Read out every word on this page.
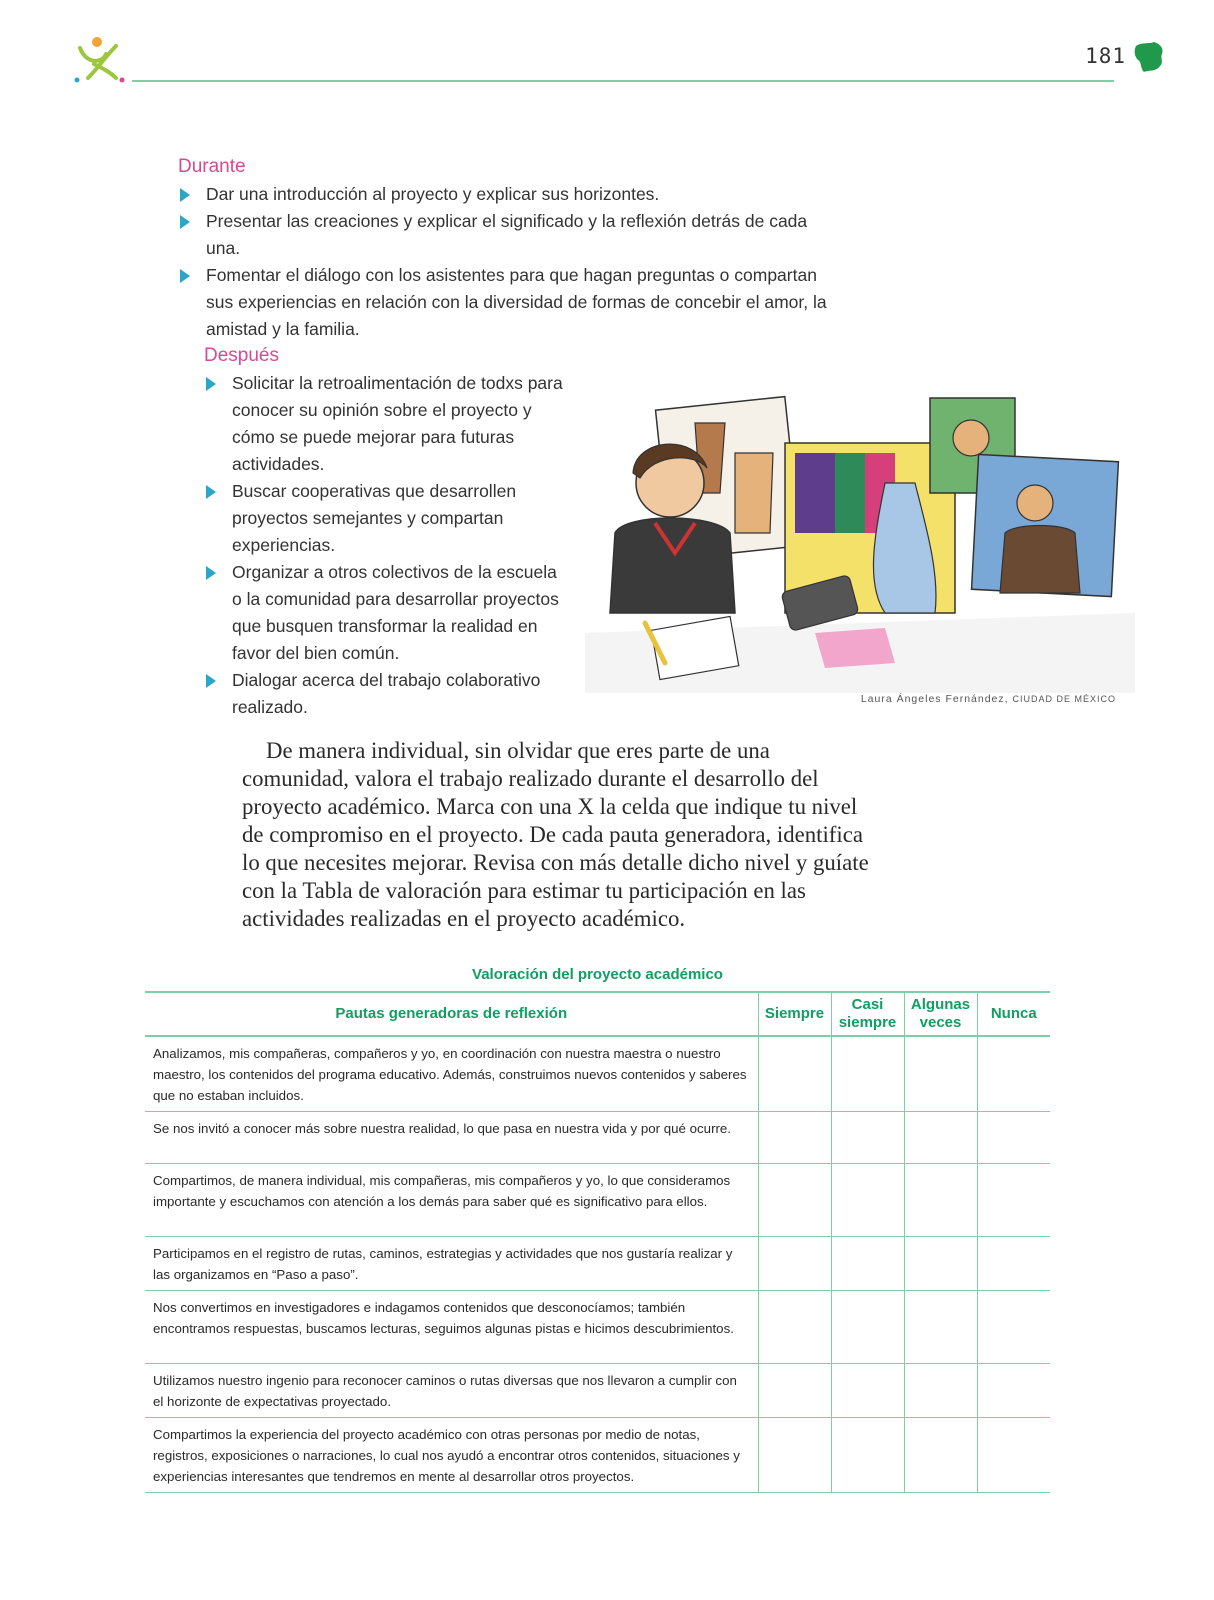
181
Durante
Dar una introducción al proyecto y explicar sus horizontes.
Presentar las creaciones y explicar el significado y la reflexión detrás de cada una.
Fomentar el diálogo con los asistentes para que hagan preguntas o compartan sus experiencias en relación con la diversidad de formas de concebir el amor, la amistad y la familia.
Después
Solicitar la retroalimentación de todxs para conocer su opinión sobre el proyecto y cómo se puede mejorar para futuras actividades.
Buscar cooperativas que desarrollen proyectos semejantes y compartan experiencias.
Organizar a otros colectivos de la escuela o la comunidad para desarrollar proyectos que busquen transformar la realidad en favor del bien común.
Dialogar acerca del trabajo colaborativo realizado.	Laura Ángeles Fernández, CIUDAD DE MÉXICO

De manera individual, sin olvidar que eres parte de una comunidad, valora el trabajo realizado durante el desarrollo del proyecto académico. Marca con una X la celda que indique tu nivel de compromiso en el proyecto. De cada pauta generadora, identifica lo que necesites mejorar. Revisa con más detalle dicho nivel y guíate con la Tabla de valoración para estimar tu participación en las actividades realizadas en el proyecto académico.

Valoración del proyecto académico
Pautas generadoras de reflexión	Siempre	Casi siempre	Algunas veces	Nunca
Analizamos, mis compañeras, compañeros y yo, en coordinación con nuestra maestra o nuestro maestro, los contenidos del programa educativo. Además, construimos nuevos contenidos y saberes que no estaban incluidos.				
Se nos invitó a conocer más sobre nuestra realidad, lo que pasa en nuestra vida y por qué ocurre.				
Compartimos, de manera individual, mis compañeras, mis compañeros y yo, lo que consideramos importante y escuchamos con atención a los demás para saber qué es significativo para ellos.				
Participamos en el registro de rutas, caminos, estrategias y actividades que nos gustaría realizar y las organizamos en “Paso a paso”.				
Nos convertimos en investigadores e indagamos contenidos que desconocíamos; también encontramos respuestas, buscamos lecturas, seguimos algunas pistas e hicimos descubrimientos.				
Utilizamos nuestro ingenio para reconocer caminos o rutas diversas que nos llevaron a cumplir con el horizonte de expectativas proyectado.				
Compartimos la experiencia del proyecto académico con otras personas por medio de notas, registros, exposiciones o narraciones, lo cual nos ayudó a encontrar otros contenidos, situaciones y experiencias interesantes que tendremos en mente al desarrollar otros proyectos.				
